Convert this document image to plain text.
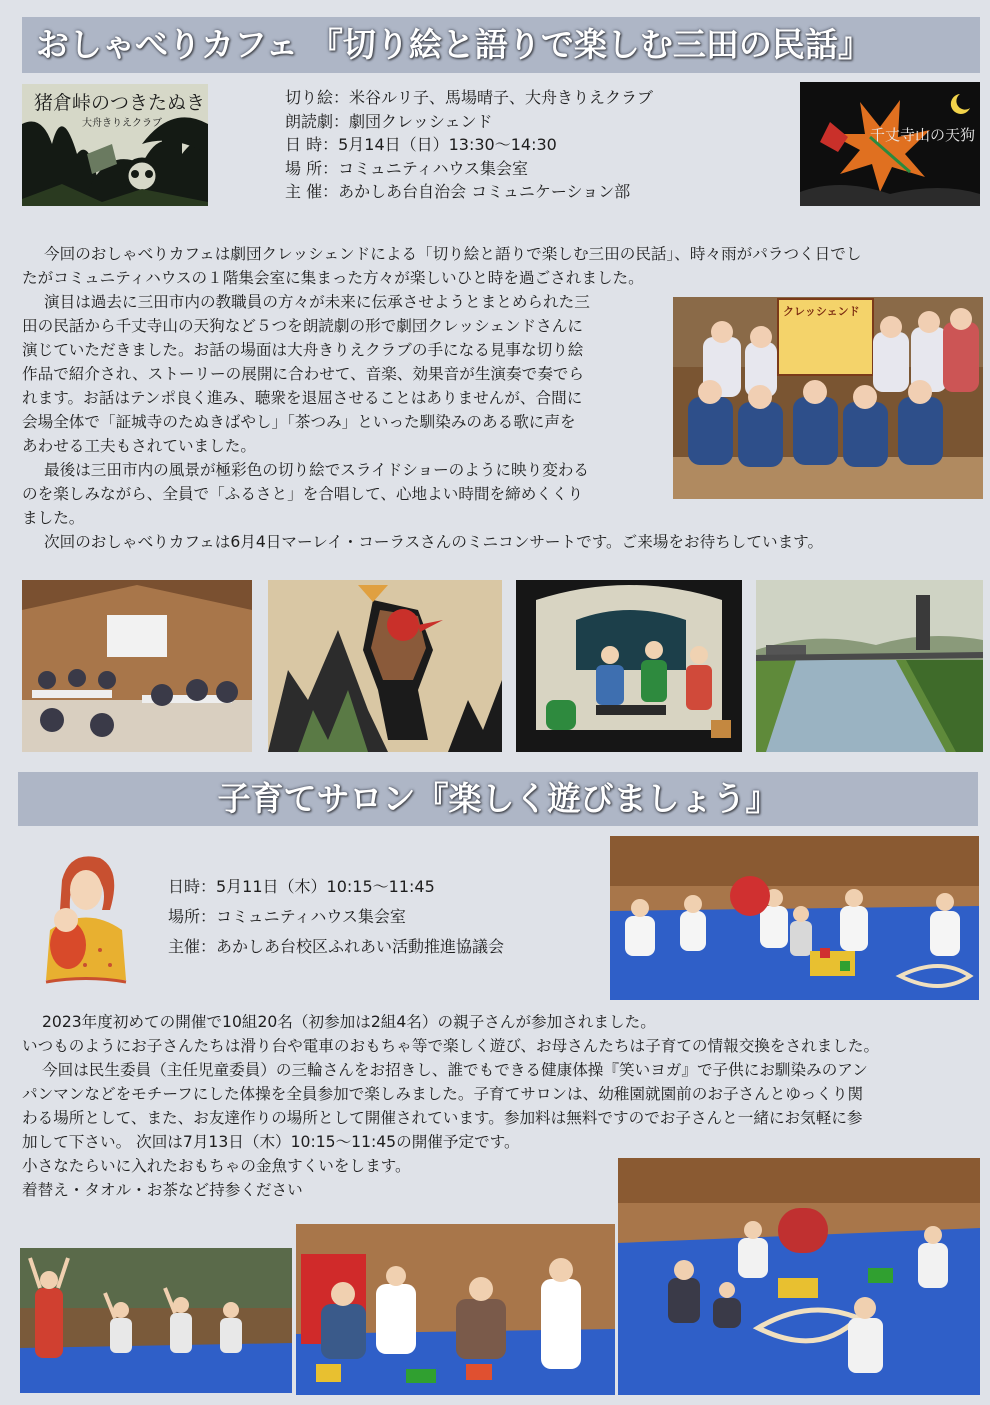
おしゃべりカフェ 『切り絵と語りで楽しむ三田の民話』
猪倉峠のつきたぬき
大舟きりえクラブ
切り絵：米谷ルリ子、馬場晴子、大舟きりえクラブ
朗読劇：劇団クレッシェンド
日 時：5月14日（日）13:30～14:30
場 所：コミュニティハウス集会室
主 催：あかしあ台自治会 コミュニケーション部
千丈寺山の天狗
今回のおしゃべりカフェは劇団クレッシェンドによる「切り絵と語りで楽しむ三田の民話」、時々雨がパラつく日でし
たがコミュニティハウスの１階集会室に集まった方々が楽しいひと時を過ごされました。
演目は過去に三田市内の教職員の方々が未来に伝承させようとまとめられた三
田の民話から千丈寺山の天狗など５つを朗読劇の形で劇団クレッシェンドさんに
演じていただきました。お話の場面は大舟きりえクラブの手になる見事な切り絵
作品で紹介され、ストーリーの展開に合わせて、音楽、効果音が生演奏で奏でら
れます。お話はテンポ良く進み、聴衆を退屈させることはありませんが、合間に
会場全体で「証城寺のたぬきばやし」「茶つみ」といった馴染みのある歌に声を
あわせる工夫もされていました。
最後は三田市内の風景が極彩色の切り絵でスライドショーのように映り変わる
のを楽しみながら、全員で「ふるさと」を合唱して、心地よい時間を締めくくり
ました。
次回のおしゃべりカフェは6月4日マーレイ・コーラスさんのミニコンサートです。ご来場をお待ちしています。
クレッシェンド
子育てサロン『楽しく遊びましょう』
日時：5月11日（木）10:15～11:45
場所：コミュニティハウス集会室
主催：あかしあ台校区ふれあい活動推進協議会
2023年度初めての開催で10組20名（初参加は2組4名）の親子さんが参加されました。
いつものようにお子さんたちは滑り台や電車のおもちゃ等で楽しく遊び、お母さんたちは子育ての情報交換をされました。
今回は民生委員（主任児童委員）の三輪さんをお招きし、誰でもできる健康体操『笑いヨガ』で子供にお馴染みのアン
パンマンなどをモチーフにした体操を全員参加で楽しみました。子育てサロンは、幼稚園就園前のお子さんとゆっくり関
わる場所として、また、お友達作りの場所として開催されています。参加料は無料ですのでお子さんと一緒にお気軽に参
加して下さい。 次回は7月13日（木）10:15～11:45の開催予定です。
小さなたらいに入れたおもちゃの金魚すくいをします。
着替え・タオル・お茶など持参ください
